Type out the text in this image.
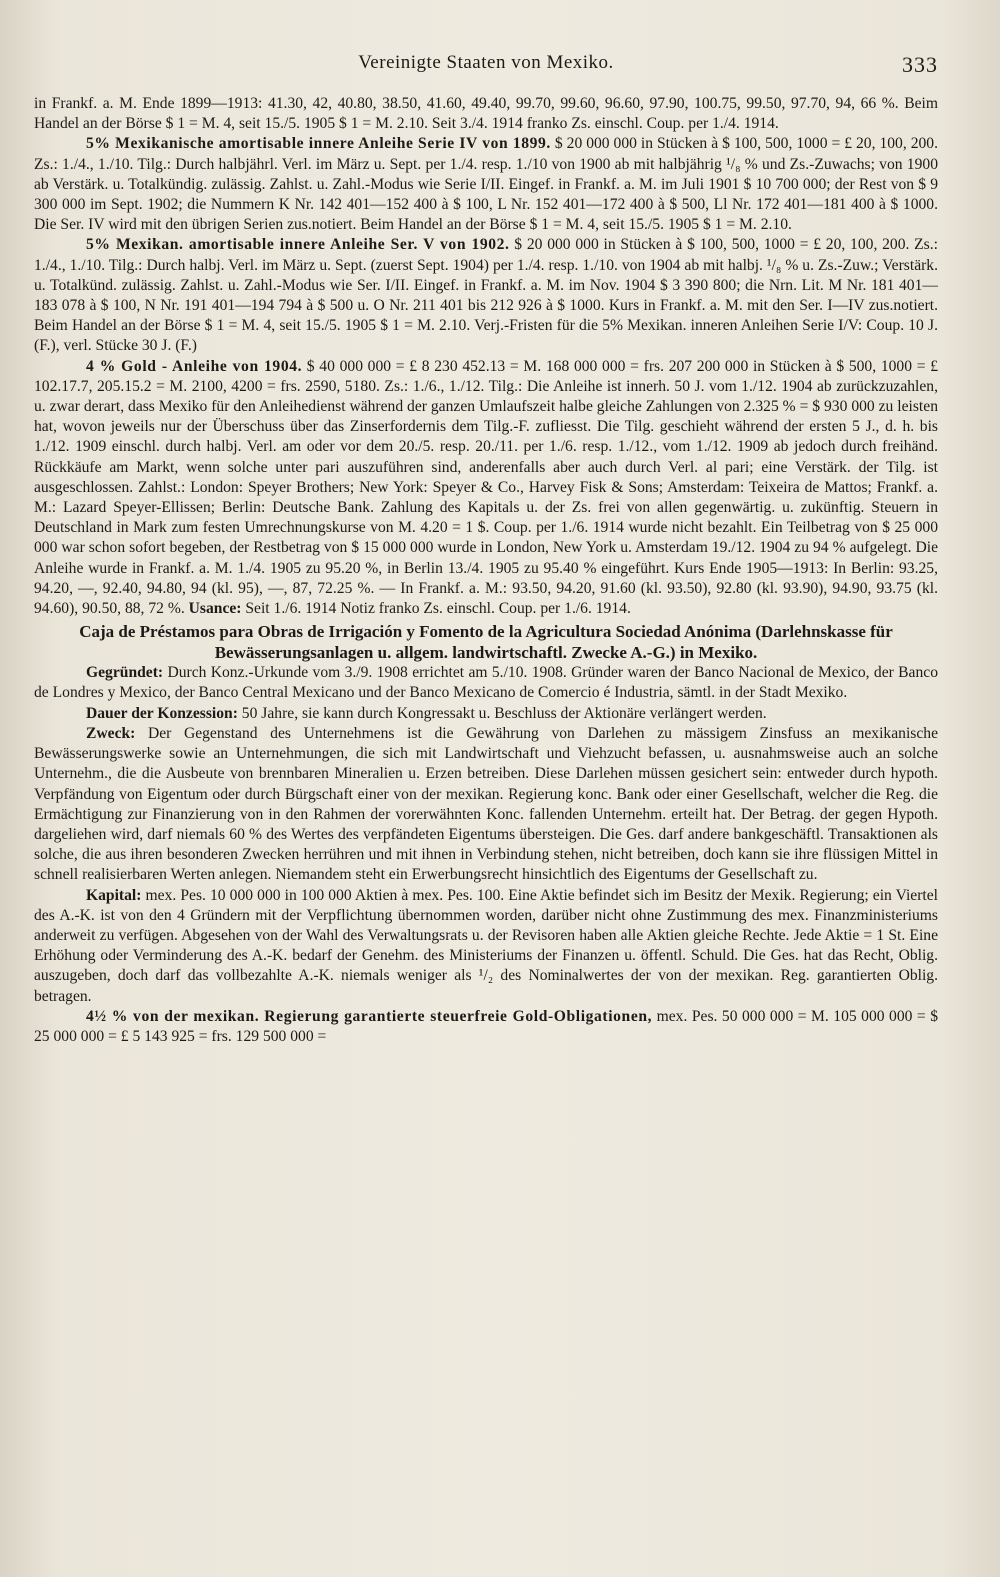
Vereinigte Staaten von Mexiko.	333

in Frankf. a. M. Ende 1899—1913: 41.30, 42, 40.80, 38.50, 41.60, 49.40, 99.70, 99.60, 96.60, 97.90, 100.75, 99.50, 97.70, 94, 66 %. Beim Handel an der Börse $ 1 = M. 4, seit 15./5. 1905 $ 1 = M. 2.10. Seit 3./4. 1914 franko Zs. einschl. Coup. per 1./4. 1914.

5% Mexikanische amortisable innere Anleihe Serie IV von 1899. $ 20 000 000 in Stücken à $ 100, 500, 1000 = £ 20, 100, 200. Zs.: 1./4., 1./10. Tilg.: Durch halbjährl. Verl. im März u. Sept. per 1./4. resp. 1./10 von 1900 ab mit halbjährig ¹/₈ % und Zs.-Zuwachs; von 1900 ab Verstärk. u. Totalkündig. zulässig. Zahlst. u. Zahl.-Modus wie Serie I/II. Eingef. in Frankf. a. M. im Juli 1901 $ 10 700 000; der Rest von $ 9 300 000 im Sept. 1902; die Nummern K Nr. 142 401—152 400 à $ 100, L Nr. 152 401—172 400 à $ 500, Ll Nr. 172 401—181 400 à $ 1000. Die Ser. IV wird mit den übrigen Serien zus.notiert. Beim Handel an der Börse $ 1 = M. 4, seit 15./5. 1905 $ 1 = M. 2.10.

5% Mexikan. amortisable innere Anleihe Ser. V von 1902. $ 20 000 000 in Stücken à $ 100, 500, 1000 = £ 20, 100, 200. Zs.: 1./4., 1./10. Tilg.: Durch halbj. Verl. im März u. Sept. (zuerst Sept. 1904) per 1./4. resp. 1./10. von 1904 ab mit halbj. ¹/₈ % u. Zs.-Zuw.; Verstärk. u. Totalkünd. zulässig. Zahlst. u. Zahl.-Modus wie Ser. I/II. Eingef. in Frankf. a. M. im Nov. 1904 $ 3 390 800; die Nrn. Lit. M Nr. 181 401—183 078 à $ 100, N Nr. 191 401—194 794 à $ 500 u. O Nr. 211 401 bis 212 926 à $ 1000. Kurs in Frankf. a. M. mit den Ser. I—IV zus.notiert. Beim Handel an der Börse $ 1 = M. 4, seit 15./5. 1905 $ 1 = M. 2.10. Verj.-Fristen für die 5% Mexikan. inneren Anleihen Serie I/V: Coup. 10 J. (F.), verl. Stücke 30 J. (F.)

4 % Gold - Anleihe von 1904. $ 40 000 000 = £ 8 230 452.13 = M. 168 000 000 = frs. 207 200 000 in Stücken à $ 500, 1000 = £ 102.17.7, 205.15.2 = M. 2100, 4200 = frs. 2590, 5180. Zs.: 1./6., 1./12. Tilg.: Die Anleihe ist innerh. 50 J. vom 1./12. 1904 ab zurückzuzahlen, u. zwar derart, dass Mexiko für den Anleihedienst während der ganzen Umlaufszeit halbe gleiche Zahlungen von 2.325 % = $ 930 000 zu leisten hat, wovon jeweils nur der Überschuss über das Zinserfordernis dem Tilg.-F. zufliesst. Die Tilg. geschieht während der ersten 5 J., d. h. bis 1./12. 1909 einschl. durch halbj. Verl. am oder vor dem 20./5. resp. 20./11. per 1./6. resp. 1./12., vom 1./12. 1909 ab jedoch durch freihänd. Rückkäufe am Markt, wenn solche unter pari auszuführen sind, anderenfalls aber auch durch Verl. al pari; eine Verstärk. der Tilg. ist ausgeschlossen. Zahlst.: London: Speyer Brothers; New York: Speyer & Co., Harvey Fisk & Sons; Amsterdam: Teixeira de Mattos; Frankf. a. M.: Lazard Speyer-Ellissen; Berlin: Deutsche Bank. Zahlung des Kapitals u. der Zs. frei von allen gegenwärtig. u. zukünftig. Steuern in Deutschland in Mark zum festen Umrechnungskurse von M. 4.20 = 1 $. Coup. per 1./6. 1914 wurde nicht bezahlt. Ein Teilbetrag von $ 25 000 000 war schon sofort begeben, der Restbetrag von $ 15 000 000 wurde in London, New York u. Amsterdam 19./12. 1904 zu 94 % aufgelegt. Die Anleihe wurde in Frankf. a. M. 1./4. 1905 zu 95.20 %, in Berlin 13./4. 1905 zu 95.40 % eingeführt. Kurs Ende 1905—1913: In Berlin: 93.25, 94.20, —, 92.40, 94.80, 94 (kl. 95), —, 87, 72.25 %. — In Frankf. a. M.: 93.50, 94.20, 91.60 (kl. 93.50), 92.80 (kl. 93.90), 94.90, 93.75 (kl. 94.60), 90.50, 88, 72 %. Usance: Seit 1./6. 1914 Notiz franko Zs. einschl. Coup. per 1./6. 1914.

Caja de Préstamos para Obras de Irrigación y Fomento de la Agricultura Sociedad Anónima (Darlehnskasse für Bewässerungsanlagen u. allgem. landwirtschaftl. Zwecke A.-G.) in Mexiko.

Gegründet: Durch Konz.-Urkunde vom 3./9. 1908 errichtet am 5./10. 1908. Gründer waren der Banco Nacional de Mexico, der Banco de Londres y Mexico, der Banco Central Mexicano und der Banco Mexicano de Comercio é Industria, sämtl. in der Stadt Mexiko.

Dauer der Konzession: 50 Jahre, sie kann durch Kongressakt u. Beschluss der Aktionäre verlängert werden.

Zweck: Der Gegenstand des Unternehmens ist die Gewährung von Darlehen zu mässigem Zinsfuss an mexikanische Bewässerungswerke sowie an Unternehmungen, die sich mit Landwirtschaft und Viehzucht befassen, u. ausnahmsweise auch an solche Unternehm., die die Ausbeute von brennbaren Mineralien u. Erzen betreiben. Diese Darlehen müssen gesichert sein: entweder durch hypoth. Verpfändung von Eigentum oder durch Bürgschaft einer von der mexikan. Regierung konc. Bank oder einer Gesellschaft, welcher die Reg. die Ermächtigung zur Finanzierung von in den Rahmen der vorerwähnten Konc. fallenden Unternehm. erteilt hat. Der Betrag. der gegen Hypoth. dargeliehen wird, darf niemals 60 % des Wertes des verpfändeten Eigentums übersteigen. Die Ges. darf andere bankgeschäftl. Transaktionen als solche, die aus ihren besonderen Zwecken herrühren und mit ihnen in Verbindung stehen, nicht betreiben, doch kann sie ihre flüssigen Mittel in schnell realisierbaren Werten anlegen. Niemandem steht ein Erwerbungsrecht hinsichtlich des Eigentums der Gesellschaft zu.

Kapital: mex. Pes. 10 000 000 in 100 000 Aktien à mex. Pes. 100. Eine Aktie befindet sich im Besitz der Mexik. Regierung; ein Viertel des A.-K. ist von den 4 Gründern mit der Verpflichtung übernommen worden, darüber nicht ohne Zustimmung des mex. Finanzministeriums anderweit zu verfügen. Abgesehen von der Wahl des Verwaltungsrats u. der Revisoren haben alle Aktien gleiche Rechte. Jede Aktie = 1 St. Eine Erhöhung oder Verminderung des A.-K. bedarf der Genehm. des Ministeriums der Finanzen u. öffentl. Schuld. Die Ges. hat das Recht, Oblig. auszugeben, doch darf das vollbezahlte A.-K. niemals weniger als ¹/₂ des Nominalwertes der von der mexikan. Reg. garantierten Oblig. betragen.

4½ % von der mexikan. Regierung garantierte steuerfreie Gold-Obligationen, mex. Pes. 50 000 000 = M. 105 000 000 = $ 25 000 000 = £ 5 143 925 = frs. 129 500 000 =
